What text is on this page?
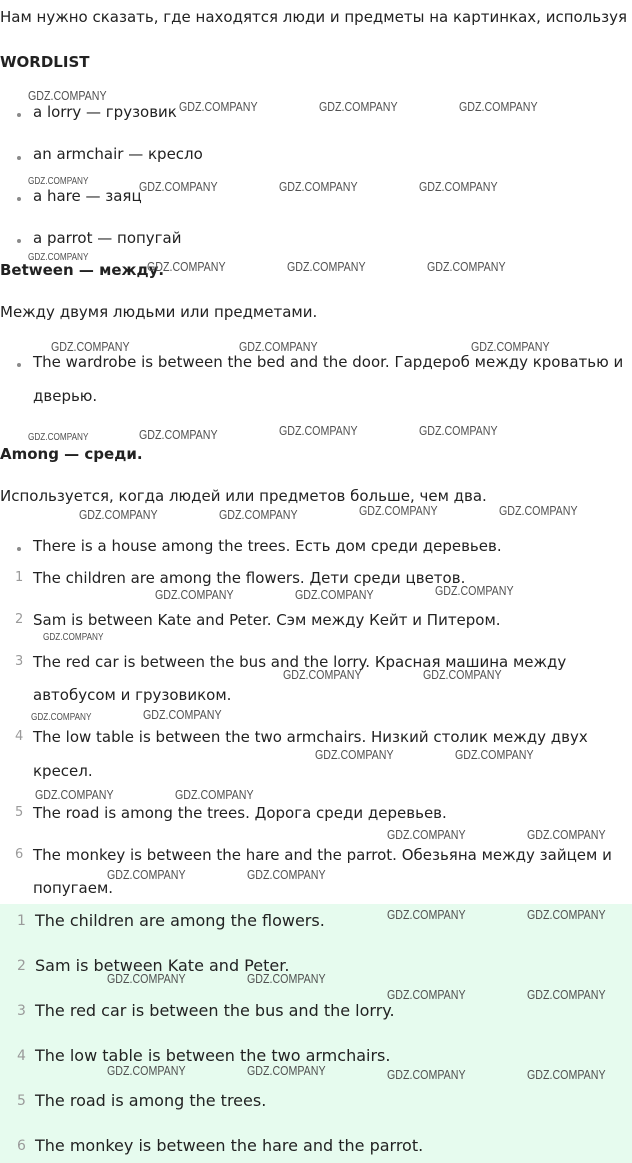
Нам нужно сказать, где находятся люди и предметы на картинках, используя
WORDLIST
a lorry — грузовик
an armchair — кресло
a hare — заяц
a parrot — попугай
Between — между.
Между двумя людьми или предметами.
The wardrobe is between the bed and the door. Гардероб между кроватью и
дверью.
Among — среди.
Используется, когда людей или предметов больше, чем два.
There is a house among the trees. Есть дом среди деревьев.
1 The children are among the flowers. Дети среди цветов.
2 Sam is between Kate and Peter. Сэм между Кейт и Питером.
3 The red car is between the bus and the lorry. Красная машина между
автобусом и грузовиком.
4 The low table is between the two armchairs. Низкий столик между двух
кресел.
5 The road is among the trees. Дорога среди деревьев.
6 The monkey is between the hare and the parrot. Обезьяна между зайцем и
попугаем.
1 The children are among the flowers.
2 Sam is between Kate and Peter.
3 The red car is between the bus and the lorry.
4 The low table is between the two armchairs.
5 The road is among the trees.
6 The monkey is between the hare and the parrot.
GDZ.COMPANY
GDZ.COMPANY	GDZ.COMPANY	GDZ.COMPANY
GDZ.COMPANY	GDZ.COMPANY	GDZ.COMPANY	GDZ.COMPANY
GDZ.COMPANY
GDZ.COMPANY	GDZ.COMPANY	GDZ.COMPANY
GDZ.COMPANY	GDZ.COMPANY	GDZ.COMPANY
GDZ.COMPANY	GDZ.COMPANY	GDZ.COMPANY	GDZ.COMPANY
GDZ.COMPANY	GDZ.COMPANY	GDZ.COMPANY	GDZ.COMPANY
GDZ.COMPANY	GDZ.COMPANY	GDZ.COMPANY
GDZ.COMPANY
GDZ.COMPANY	GDZ.COMPANY
GDZ.COMPANY	GDZ.COMPANY
GDZ.COMPANY	GDZ.COMPANY
GDZ.COMPANY	GDZ.COMPANY
GDZ.COMPANY	GDZ.COMPANY
GDZ.COMPANY	GDZ.COMPANY
GDZ.COMPANY	GDZ.COMPANY
GDZ.COMPANY	GDZ.COMPANY
GDZ.COMPANY	GDZ.COMPANY
GDZ.COMPANY	GDZ.COMPANY	GDZ.COMPANY	GDZ.COMPANY
